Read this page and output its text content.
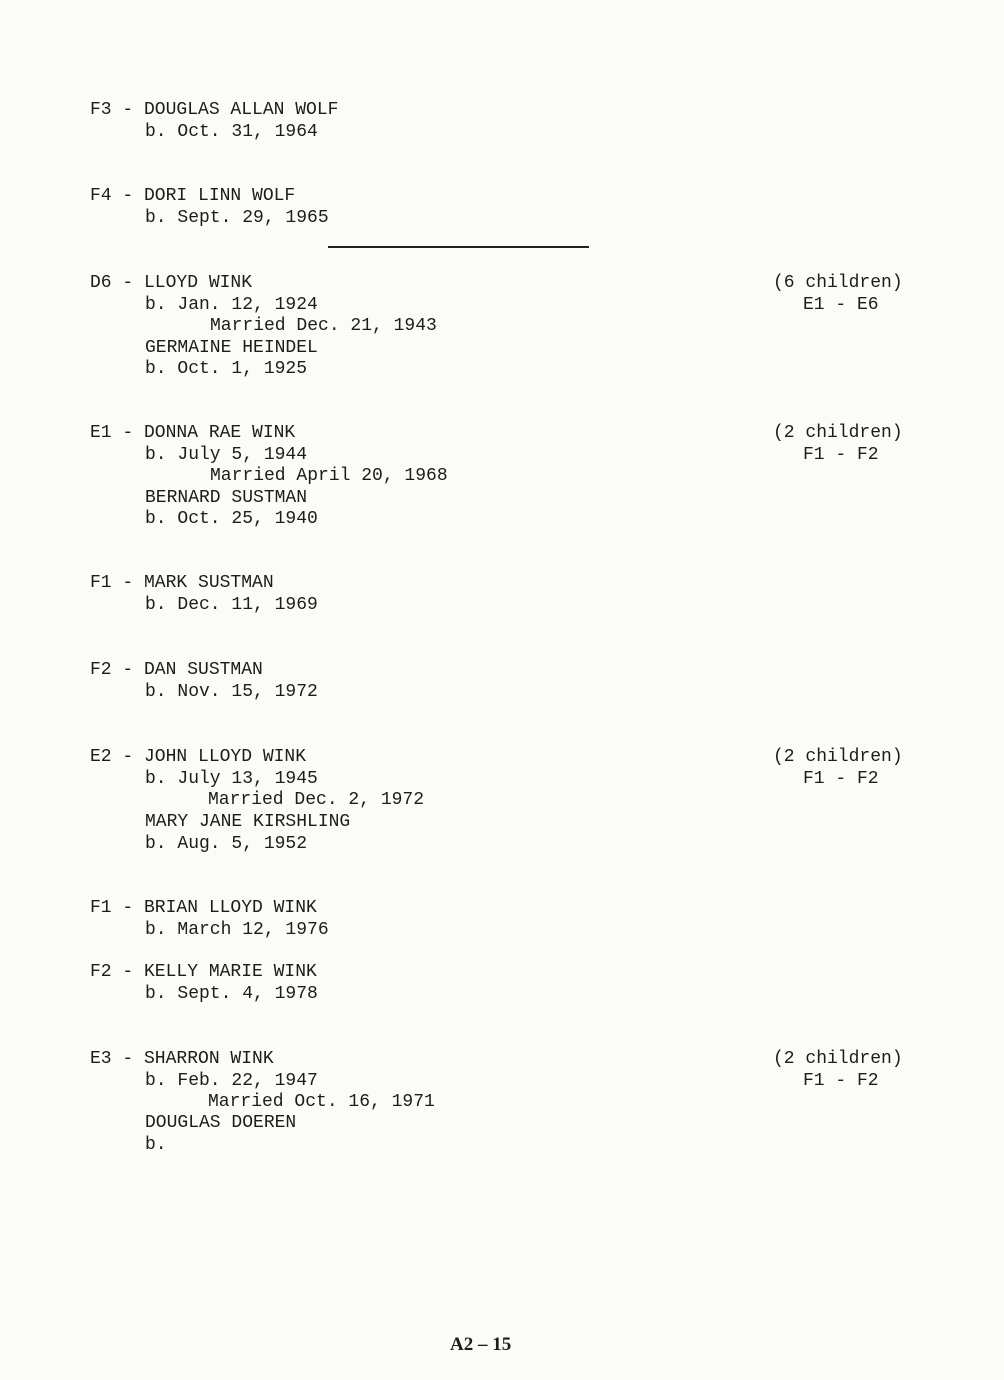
F3 - DOUGLAS ALLAN WOLF
b. Oct. 31, 1964
F4 - DORI LINN WOLF
b. Sept. 29, 1965
D6 - LLOYD WINK
b. Jan. 12, 1924
Married Dec. 21, 1943
GERMAINE HEINDEL
b. Oct. 1, 1925
(6 children)
E1 - E6
E1 - DONNA RAE WINK
b. July 5, 1944
Married April 20, 1968
BERNARD SUSTMAN
b. Oct. 25, 1940
(2 children)
F1 - F2
F1 - MARK SUSTMAN
b. Dec. 11, 1969
F2 - DAN SUSTMAN
b. Nov. 15, 1972
E2 - JOHN LLOYD WINK
b. July 13, 1945
Married Dec. 2, 1972
MARY JANE KIRSHLING
b. Aug. 5, 1952
(2 children)
F1 - F2
F1 - BRIAN LLOYD WINK
b. March 12, 1976
F2 - KELLY MARIE WINK
b. Sept. 4, 1978
E3 - SHARRON WINK
b. Feb. 22, 1947
Married Oct. 16, 1971
DOUGLAS DOEREN
b.
(2 children)
F1 - F2
A2 – 15
